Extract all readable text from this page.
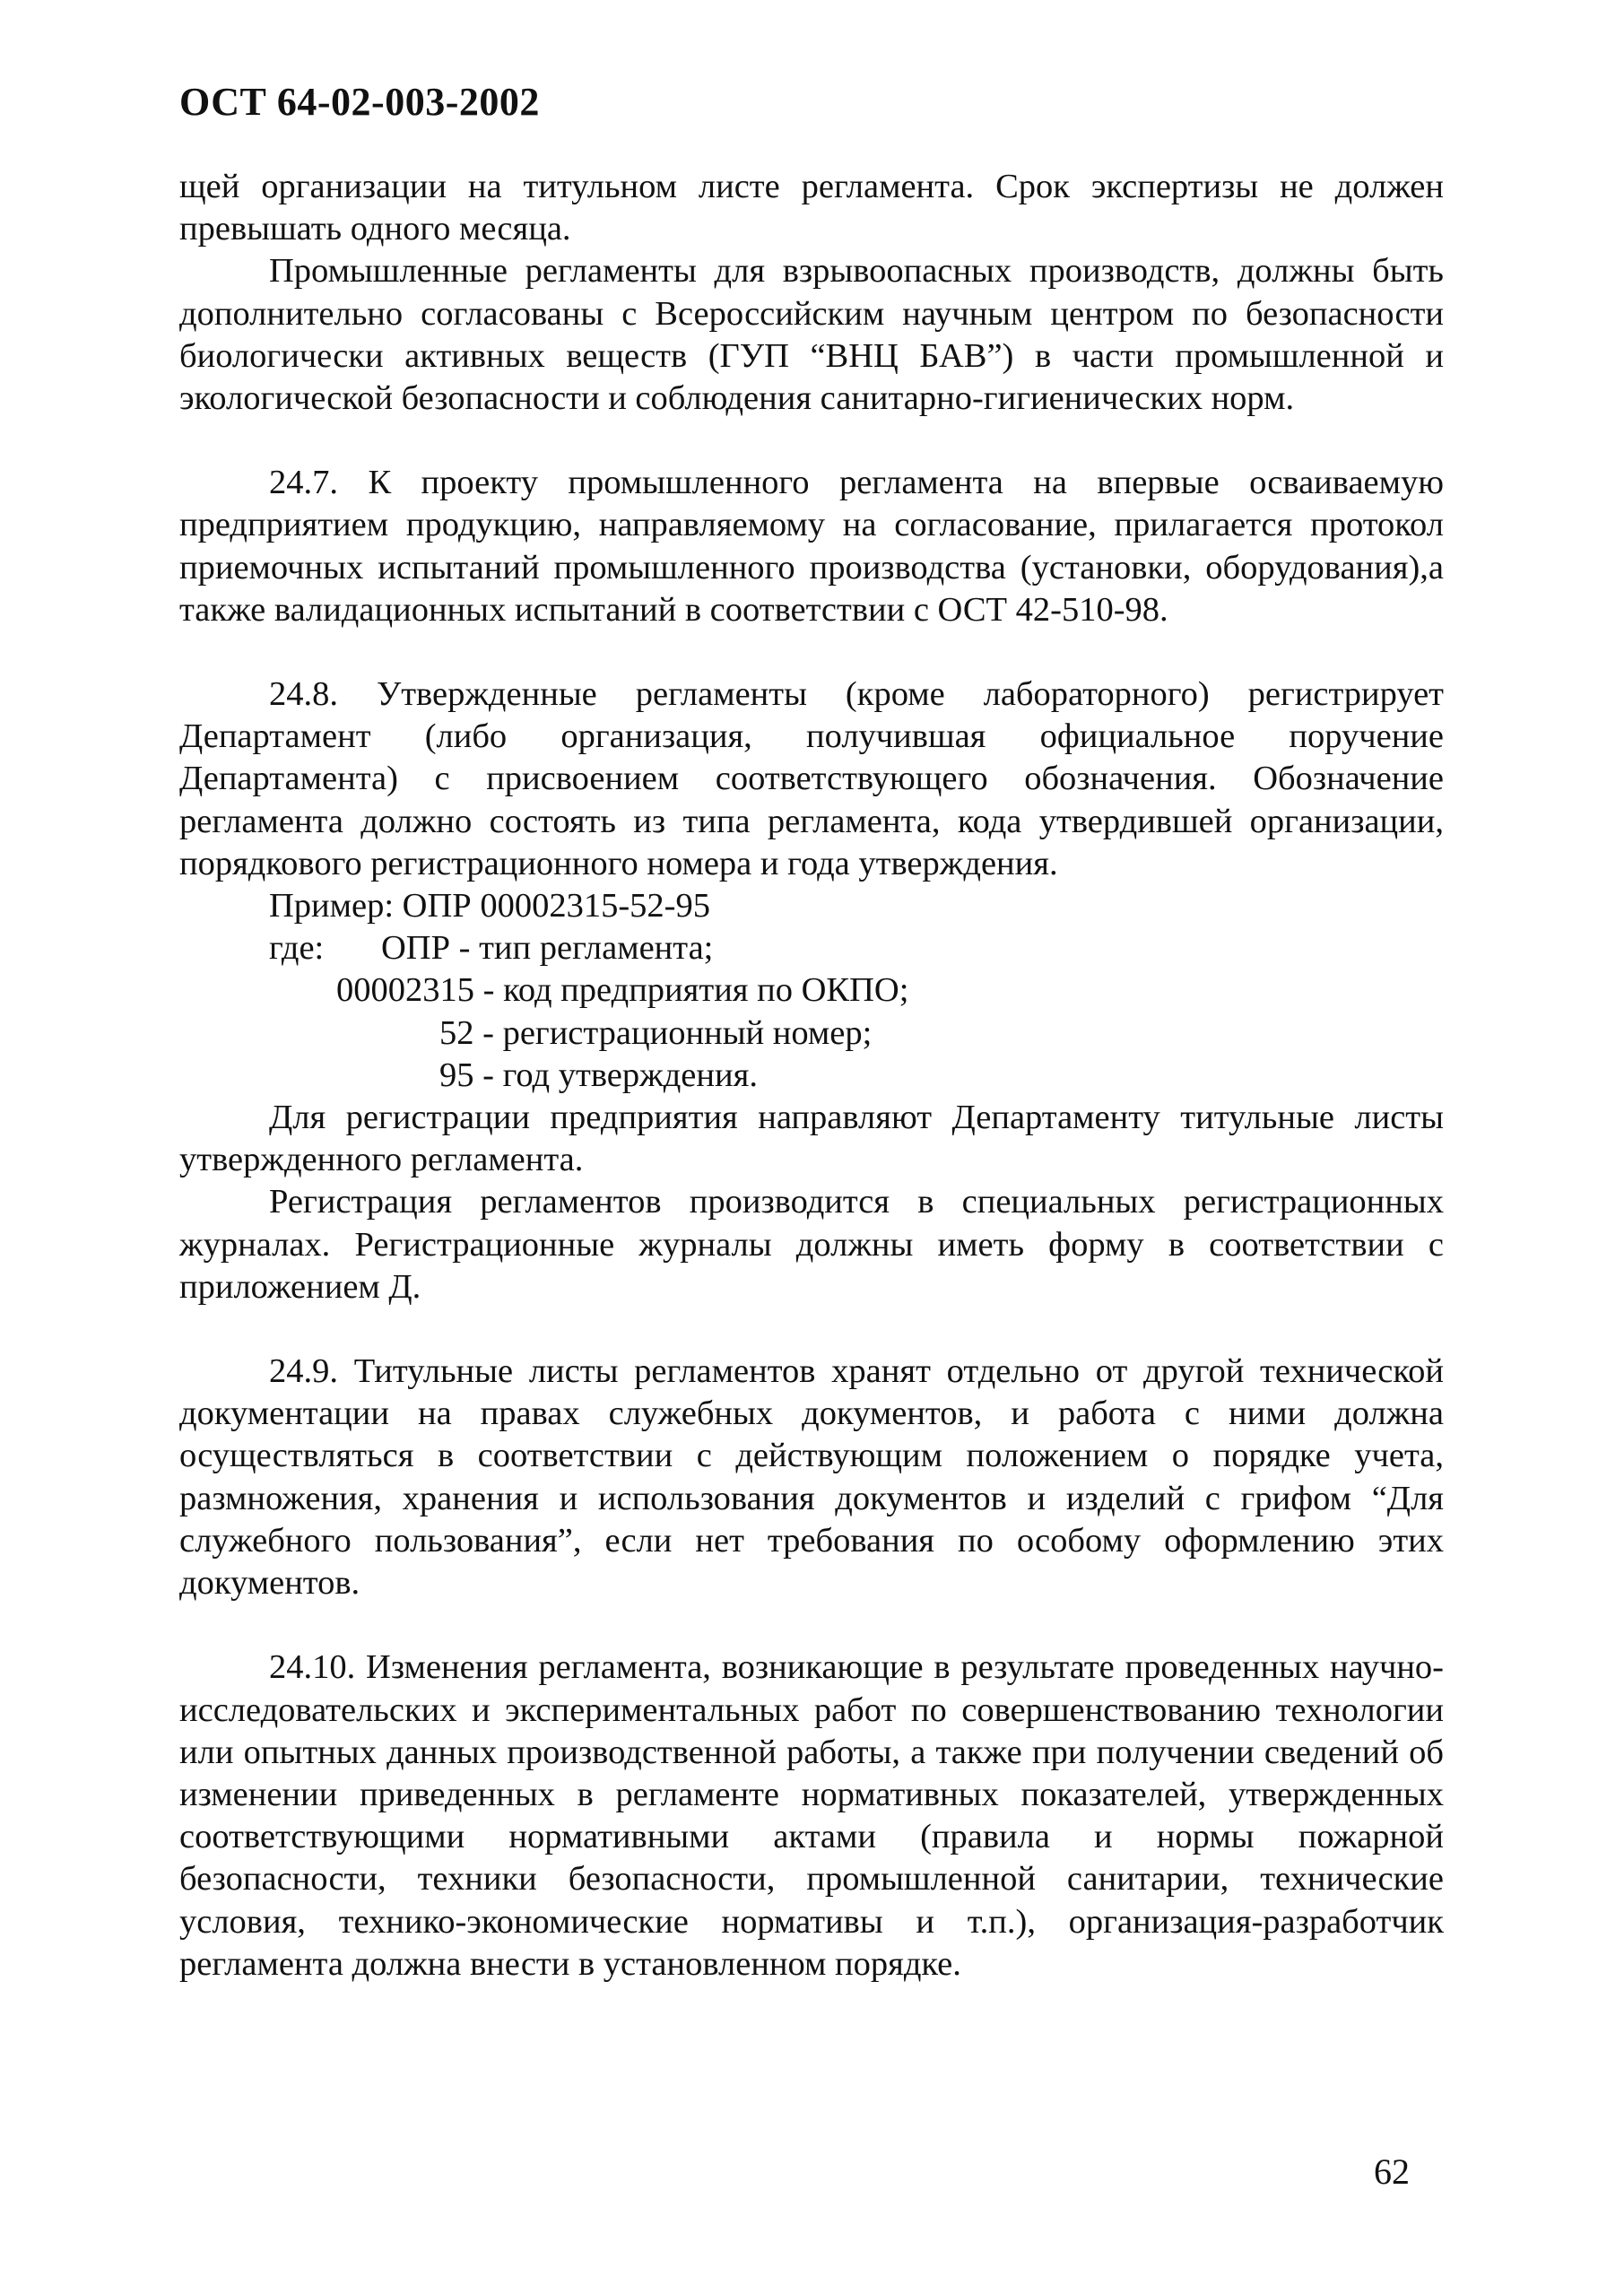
ОСТ 64-02-003-2002

щей организации на титульном листе регламента. Срок экспертизы не должен превышать одного месяца.

Промышленные регламенты для взрывоопасных производств, должны быть дополнительно согласованы с Всероссийским научным центром по безопасности биологически активных веществ (ГУП “ВНЦ БАВ”) в части промышленной и экологической безопасности и соблюдения санитарно-гигиенических норм.

24.7. К проекту промышленного регламента на впервые осваиваемую предприятием продукцию, направляемому на согласование, прилагается протокол приемочных испытаний промышленного производства (установки, оборудования),а также валидационных испытаний в соответствии с ОСТ 42-510-98.

24.8. Утвержденные регламенты (кроме лабораторного) регистрирует Департамент (либо организация, получившая официальное поручение Департамента) с присвоением соответствующего обозначения. Обозначение регламента должно состоять из типа регламента, кода утвердившей организации, порядкового регистрационного номера и года утверждения.

Пример: ОПР 00002315-52-95
где: ОПР - тип регламента;
00002315 - код предприятия по ОКПО;
52 - регистрационный номер;
95 - год утверждения.

Для регистрации предприятия направляют Департаменту титульные листы утвержденного регламента.

Регистрация регламентов производится в специальных регистрационных журналах. Регистрационные журналы должны иметь форму в соответствии с приложением Д.

24.9. Титульные листы регламентов хранят отдельно от другой технической документации на правах служебных документов, и работа с ними должна осуществляться в соответствии с действующим положением о порядке учета, размножения, хранения и использования документов и изделий с грифом “Для служебного пользования”, если нет требования по особому оформлению этих документов.

24.10. Изменения регламента, возникающие в результате проведенных научно-исследовательских и экспериментальных работ по совершенствованию технологии или опытных данных производственной работы, а также при получении сведений об изменении приведенных в регламенте нормативных показателей, утвержденных соответствующими нормативными актами (правила и нормы пожарной безопасности, техники безопасности, промышленной санитарии, технические условия, технико-экономические нормативы и т.п.), организация-разработчик регламента должна внести в установленном порядке.

62
